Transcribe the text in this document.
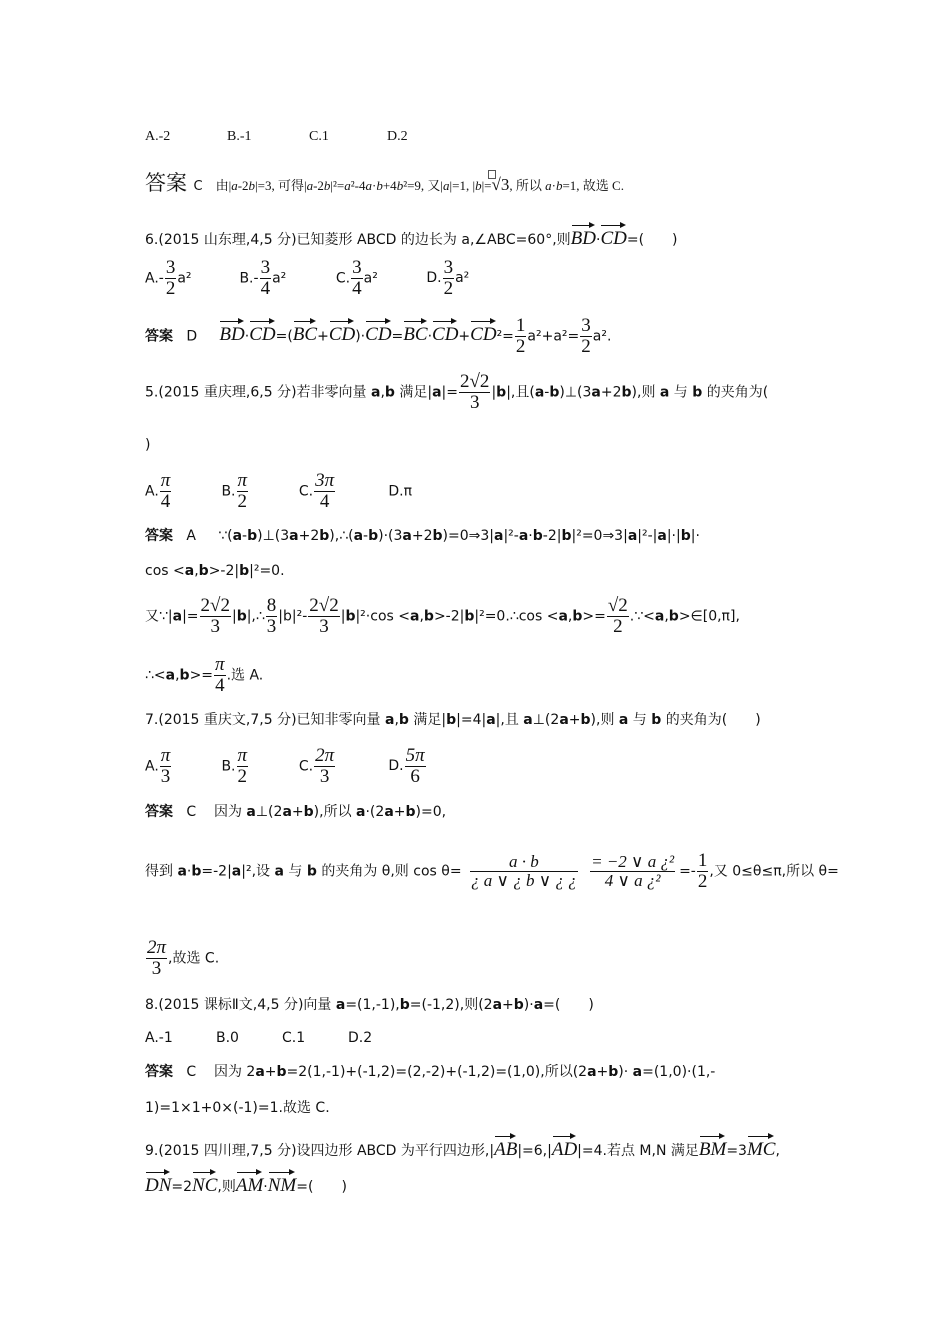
A.-2	B.-1	C.1	D.2
答案 C 由|a-2b|=3, 可得|a-2b|²=a²-4a·b+4b²=9, 又|a|=1, |b|=
√3, 所以 a·b=1, 故选 C.
6.(2015 山东理,4,5 分)已知菱形 ABCD 的边长为 a,∠ABC=60°,则BD·CD=(　　)
$A.- \frac{3}{2} a^2$	$B.- \frac{3}{4} a^2$	C. $\frac{3}{4} a^2$	D. $\frac{3}{2} a^2$
答案 D $BD\cdot CD=(BC+CD)\cdot CD=BC\cdot CD+CD^2= \frac{1}{2} a^2+a^2= \frac{3}{2} a^2$.
5.(2015 重庆理,6,5 分)若非零向量 a,b 满足$|a|= \frac{2√2}{3} |b|$,且(a-b)⊥(3a+2b),则 a 与 b 的夹角为(
)
A. $\frac{\pi}{4}$	B. $\frac{\pi}{2}$	C. $\frac{3\pi}{4}$	D.π
答案 A ∵(a-b)⊥(3a+2b),∴(a-b)·(3a+2b)=0⇒3|a|²-a·b-2|b|²=0⇒3|a|²-|a|·|b|·
cos <a,b>-2|b|²=0.
又∵|a|= $\frac{2√2}{3}$ |b|,∴ $\frac{8}{3} |b|^2- \frac{2√2}{3} |b|^2\cdot\cos$ <a,b>-2|b|²=0.∴cos $<a,b>= \frac{√2}{2}$ .∵<a,b>∈[0,π],
∴<a,b>= $\frac{\pi}{4}$ .选 A.
7.(2015 重庆文,7,5 分)已知非零向量 a,b 满足|b|=4|a|,且 a⊥(2a+b),则 a 与 b 的夹角为(　　)
A. $\frac{\pi}{3}$	B. $\frac{\pi}{2}$	C. $\frac{2\pi}{3}$	D. $\frac{5\pi}{6}$
答案 C 因为 a⊥(2a+b),所以 a·(2a+b)=0,
得到 a·b=-2|a|²,设 a 与 b 的夹角为 θ,则 $\cos \theta= \frac{a \cdot b}{¿ a \vee ¿ b \vee ¿ ¿}$
$\frac{\text{= −2 ∨ a ¿²}}{\text{4 ∨ a ¿²}} =- \frac{1}{2}$ ,又 0≤θ≤π,所以 θ=
$\frac{2\pi}{3}$ ,故选 C.
8.(2015 课标Ⅱ文,4,5 分)向量 a=(1,-1),b=(-1,2),则(2a+b)·a=(　　)
A.-1	B.0	C.1	D.2
答案 C 因为 2a+b=2(1,-1)+(-1,2)=(2,-2)+(-1,2)=(1,0),所以(2a+b)· a=(1,0)·(1,-
1)=1×1+0×(-1)=1.故选 C.
9.(2015 四川理,7,5 分)设四边形 ABCD 为平行四边形,|AB|=6,|AD|=4.若点 M,N 满足BM=3MC,
DN=2NC,则AM·NM=(　　)
